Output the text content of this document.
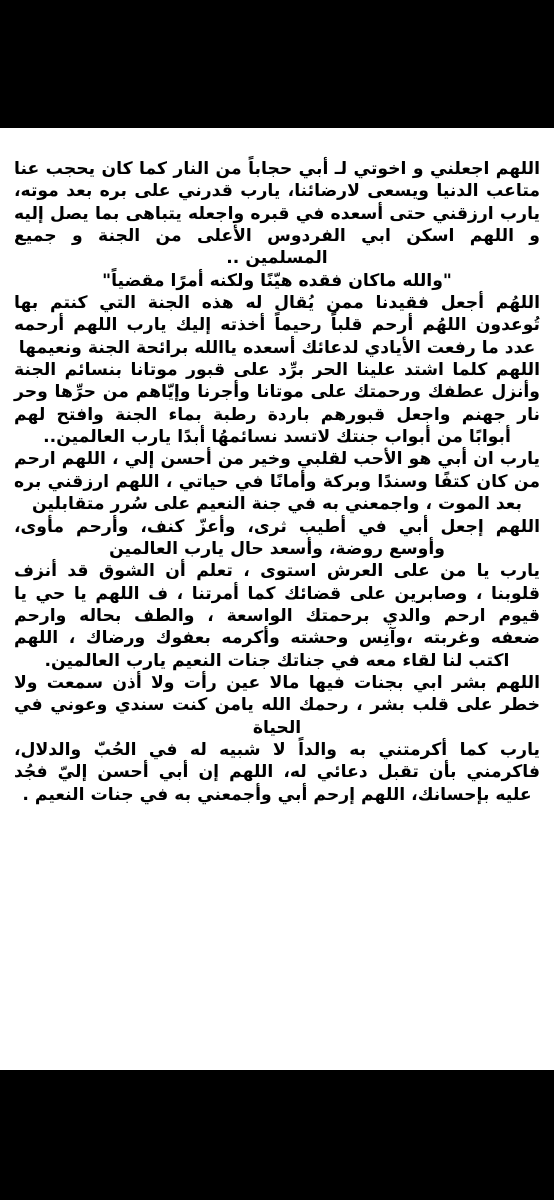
اللهم اجعلني و اخوتي لـ أبي حجاباً من النار كما كان يحجب عنا متاعب الدنيا ويسعى لارضائنا، يارب قدرني على بره بعد موته، يارب ارزقني حتى أسعده في قبره واجعله يتباهى بما يصل إليه و اللهم اسكن ابي الفردوس الأعلى من الجنة و جميع المسلمين ..

"والله ماكان فقده هيّنًا ولكنه أمرًا مقضياً"

اللهُم أجعل فقيدنا ممن يُقال له هذه الجنة التي كنتم بها تُوعدون اللهُم أرحم قلباً رحيماً أخذته إليك يارب اللهم أرحمه عدد ما رفعت الأيادي لدعائك أسعده ياالله برائحة الجنة ونعيمها

اللهم كلما اشتد علينا الحر برِّد على قبور موتانا بنسائم الجنة وأنزل عطفك ورحمتك على موتانا وأجرنا وإيّاهم من حرِّها وحر نار جهنم واجعل قبورهم باردة رطبة بماء الجنة وافتح لهم أبوابًا من أبواب جنتك لاتسد نسائمهُا أبدًا يارب العالمين..

يارب ان أبي هو الأحب لقلبي وخير من أحسن إلي ، اللهم ارحم من كان كتفًا وسندًا وبركة وأمانًا في حياتي ، اللهم ارزقني بره بعد الموت ، واجمعني به في جنة النعيم على سُرر متقابلين

اللهم إجعل أبي في أطيب ثرى، وأعزّ كنف، وأرحم مأوى، وأوسع روضة، وأسعد حال يارب العالمين

يارب يا من على العرش استوى ، تعلم أن الشوق قد أنزف قلوبنا ، وصابرين على قضائك كما أمرتنا ، ف اللهم يا حي يا قيوم ارحم والدي برحمتك الواسعة ، والطف بحاله وارحم ضعفه وغربته ،وآنِس وحشته وأكرمه بعفوك ورضاك ، اللهم اكتب لنا لقاء معه في جناتك جنات النعيم يارب العالمين.

اللهم بشر ابي بجنات فيها مالا عين رأت ولا أذن سمعت ولا خطر على قلب بشر ، رحمك الله يامن كنت سندي وعوني في الحياة

يارب كما أكرمتني به والداً لا شبيه له في الحُبّ والدلال، فاكرمني بأن تقبل دعائي له، اللهم إن أبي أحسن إليّ فجُد عليه بإحسانك، اللهم إرحم أبي وأجمعني به في جنات النعيم .
